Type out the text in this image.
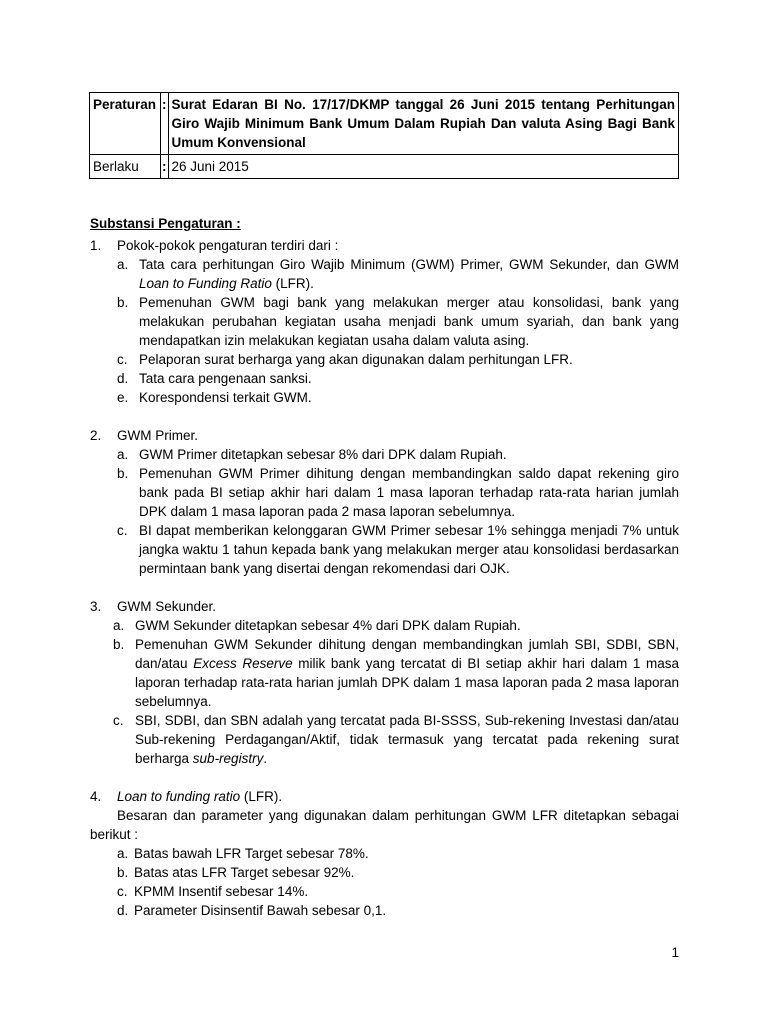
Peraturan	:	Surat Edaran BI No. 17/17/DKMP tanggal 26 Juni 2015 tentang Perhitungan Giro Wajib Minimum Bank Umum Dalam Rupiah Dan valuta Asing Bagi Bank Umum Konvensional
Berlaku	:	26 Juni 2015
Substansi Pengaturan :
1. Pokok-pokok pengaturan terdiri dari :
a. Tata cara perhitungan Giro Wajib Minimum (GWM) Primer, GWM Sekunder, dan GWM Loan to Funding Ratio (LFR).
b. Pemenuhan GWM bagi bank yang melakukan merger atau konsolidasi, bank yang melakukan perubahan kegiatan usaha menjadi bank umum syariah, dan bank yang mendapatkan izin melakukan kegiatan usaha dalam valuta asing.
c. Pelaporan surat berharga yang akan digunakan dalam perhitungan LFR.
d. Tata cara pengenaan sanksi.
e. Korespondensi terkait GWM.
2. GWM Primer.
a. GWM Primer ditetapkan sebesar 8% dari DPK dalam Rupiah.
b. Pemenuhan GWM Primer dihitung dengan membandingkan saldo dapat rekening giro bank pada BI setiap akhir hari dalam 1 masa laporan terhadap rata-rata harian jumlah DPK dalam 1 masa laporan pada 2 masa laporan sebelumnya.
c. BI dapat memberikan kelonggaran GWM Primer sebesar 1% sehingga menjadi 7% untuk jangka waktu 1 tahun kepada bank yang melakukan merger atau konsolidasi berdasarkan permintaan bank yang disertai dengan rekomendasi dari OJK.
3. GWM Sekunder.
a. GWM Sekunder ditetapkan sebesar 4% dari DPK dalam Rupiah.
b. Pemenuhan GWM Sekunder dihitung dengan membandingkan jumlah SBI, SDBI, SBN, dan/atau Excess Reserve milik bank yang tercatat di BI setiap akhir hari dalam 1 masa laporan terhadap rata-rata harian jumlah DPK dalam 1 masa laporan pada 2 masa laporan sebelumnya.
c. SBI, SDBI, dan SBN adalah yang tercatat pada BI-SSSS, Sub-rekening Investasi dan/atau Sub-rekening Perdagangan/Aktif, tidak termasuk yang tercatat pada rekening surat berharga sub-registry.
4. Loan to funding ratio (LFR).
Besaran dan parameter yang digunakan dalam perhitungan GWM LFR ditetapkan sebagai berikut :
a. Batas bawah LFR Target sebesar 78%.
b. Batas atas LFR Target sebesar 92%.
c. KPMM Insentif sebesar 14%.
d. Parameter Disinsentif Bawah sebesar 0,1.
1
